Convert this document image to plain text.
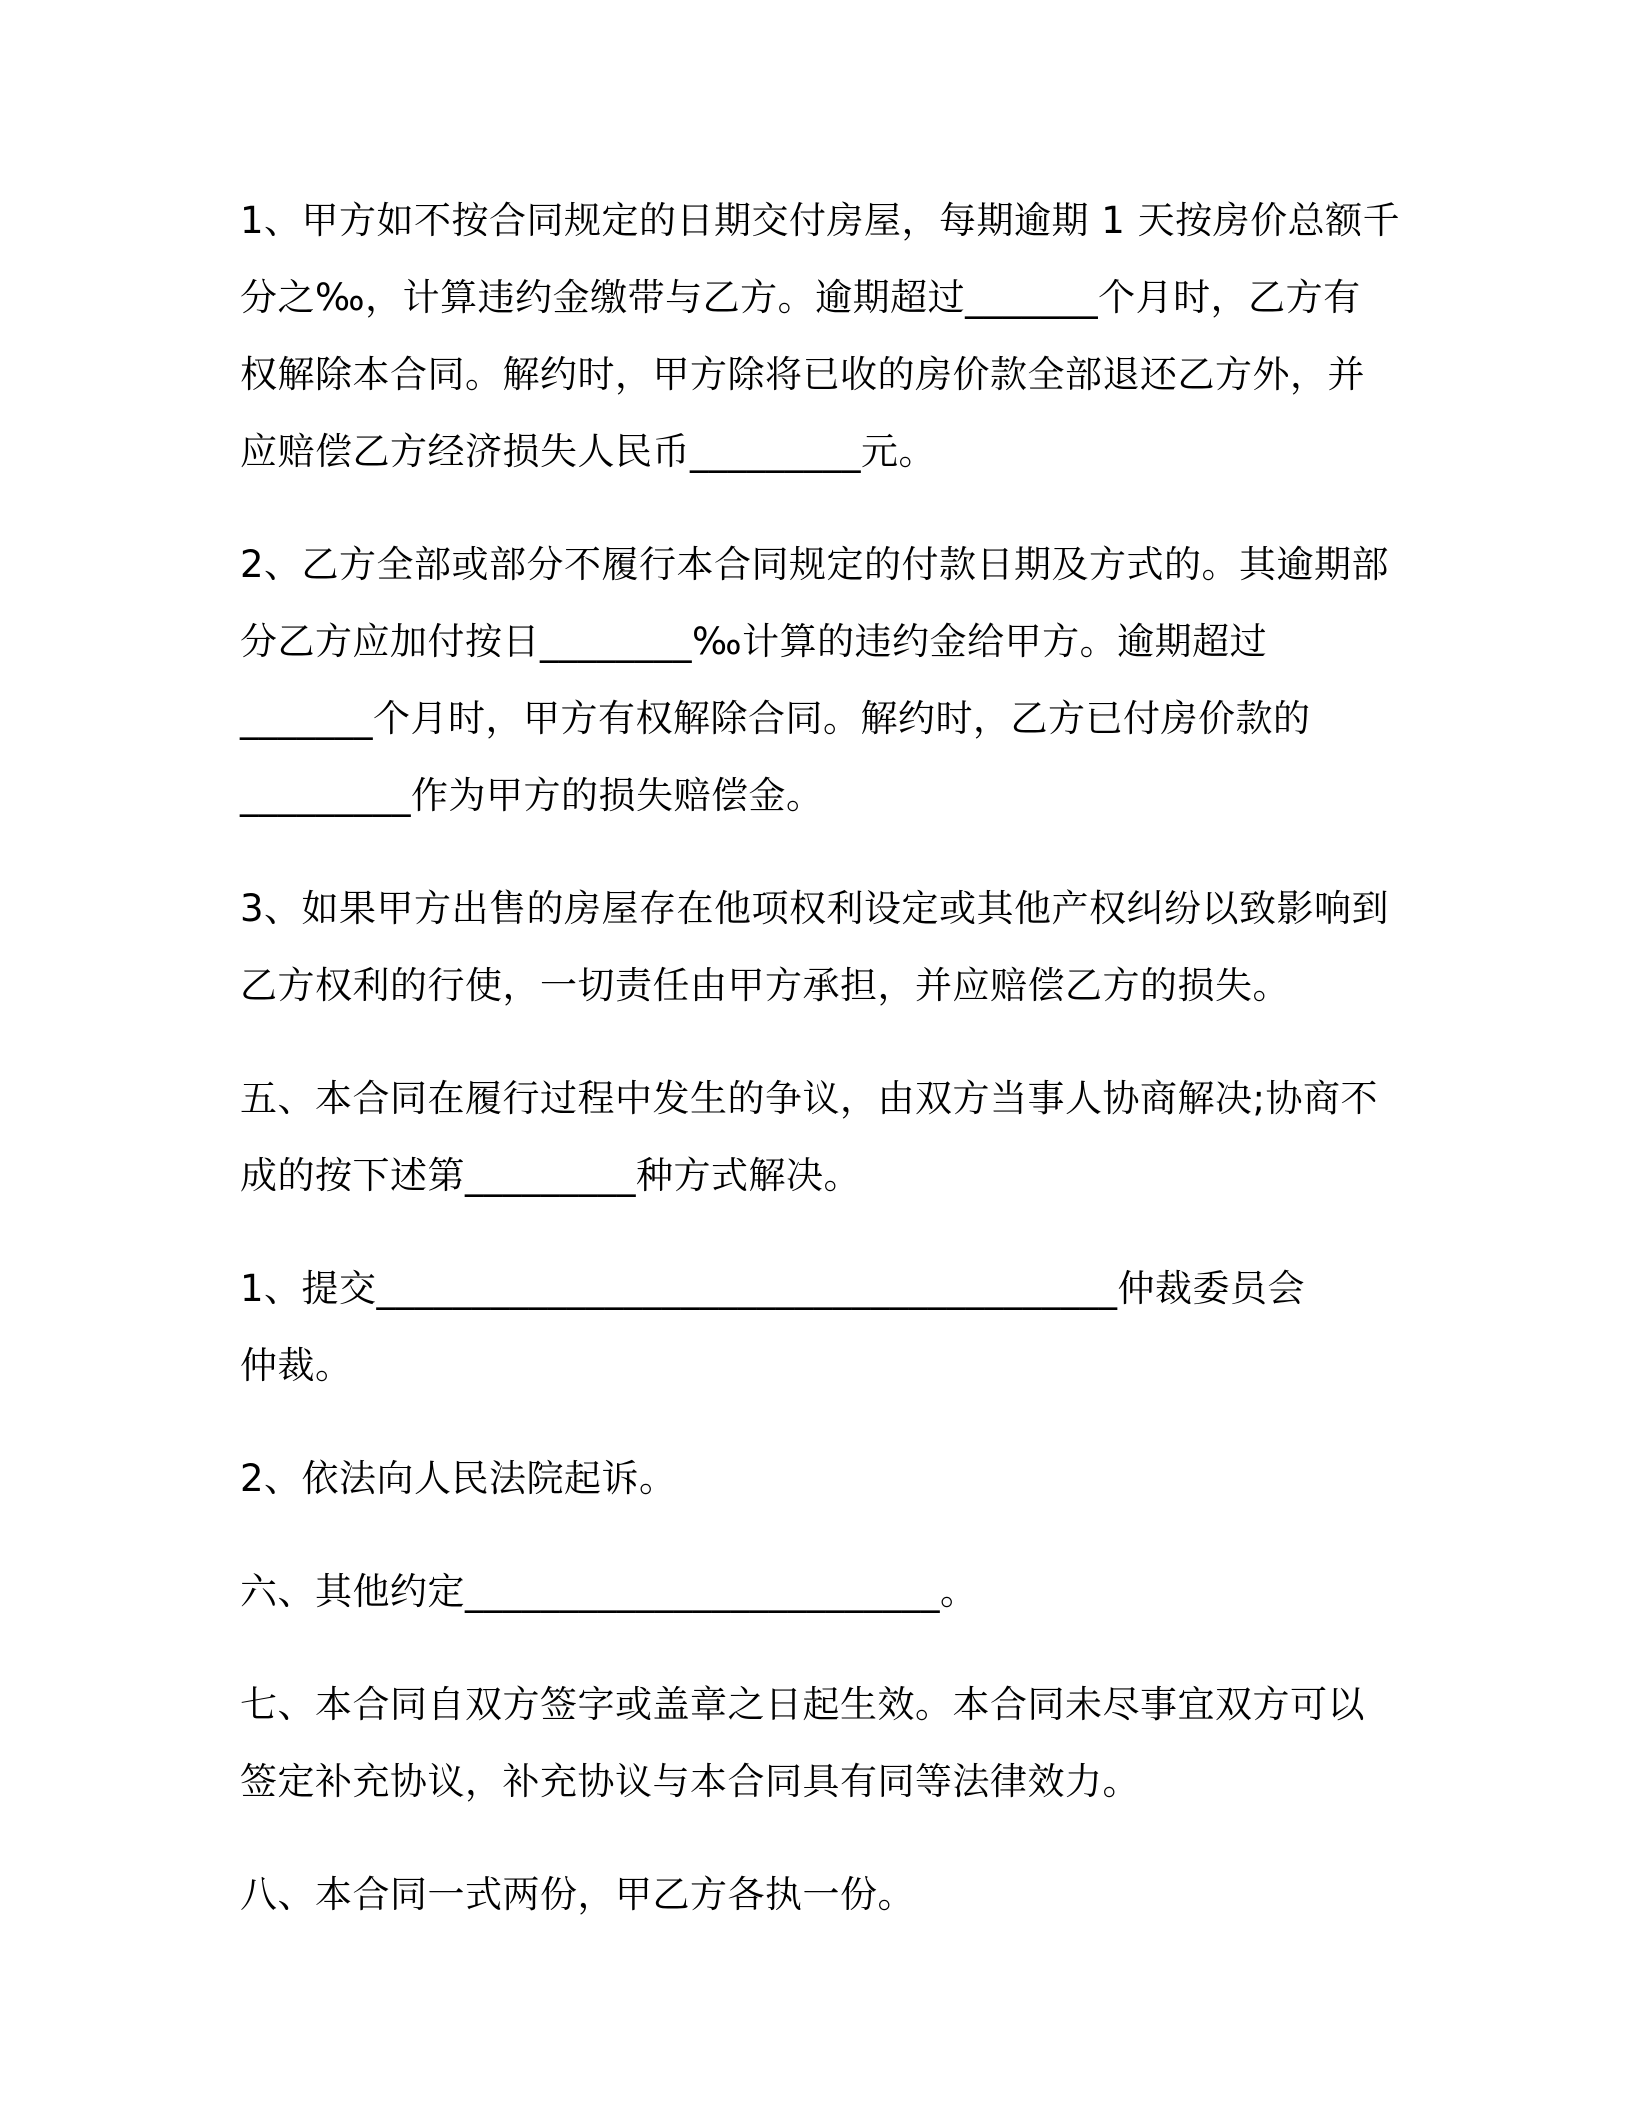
1、甲方如不按合同规定的日期交付房屋，每期逾期 1 天按房价总额千
分之‰，计算违约金缴带与乙方。逾期超过_______个月时，乙方有
权解除本合同。解约时，甲方除将已收的房价款全部退还乙方外，并
应赔偿乙方经济损失人民币_________元。

2、乙方全部或部分不履行本合同规定的付款日期及方式的。其逾期部
分乙方应加付按日________‰计算的违约金给甲方。逾期超过
_______个月时，甲方有权解除合同。解约时，乙方已付房价款的
_________作为甲方的损失赔偿金。

3、如果甲方出售的房屋存在他项权利设定或其他产权纠纷以致影响到
乙方权利的行使，一切责任由甲方承担，并应赔偿乙方的损失。

五、本合同在履行过程中发生的争议，由双方当事人协商解决;协商不
成的按下述第_________种方式解决。

1、提交_______________________________________仲裁委员会
仲裁。

2、依法向人民法院起诉。

六、其他约定_________________________。

七、本合同自双方签字或盖章之日起生效。本合同未尽事宜双方可以
签定补充协议，补充协议与本合同具有同等法律效力。

八、本合同一式两份，甲乙方各执一份。
